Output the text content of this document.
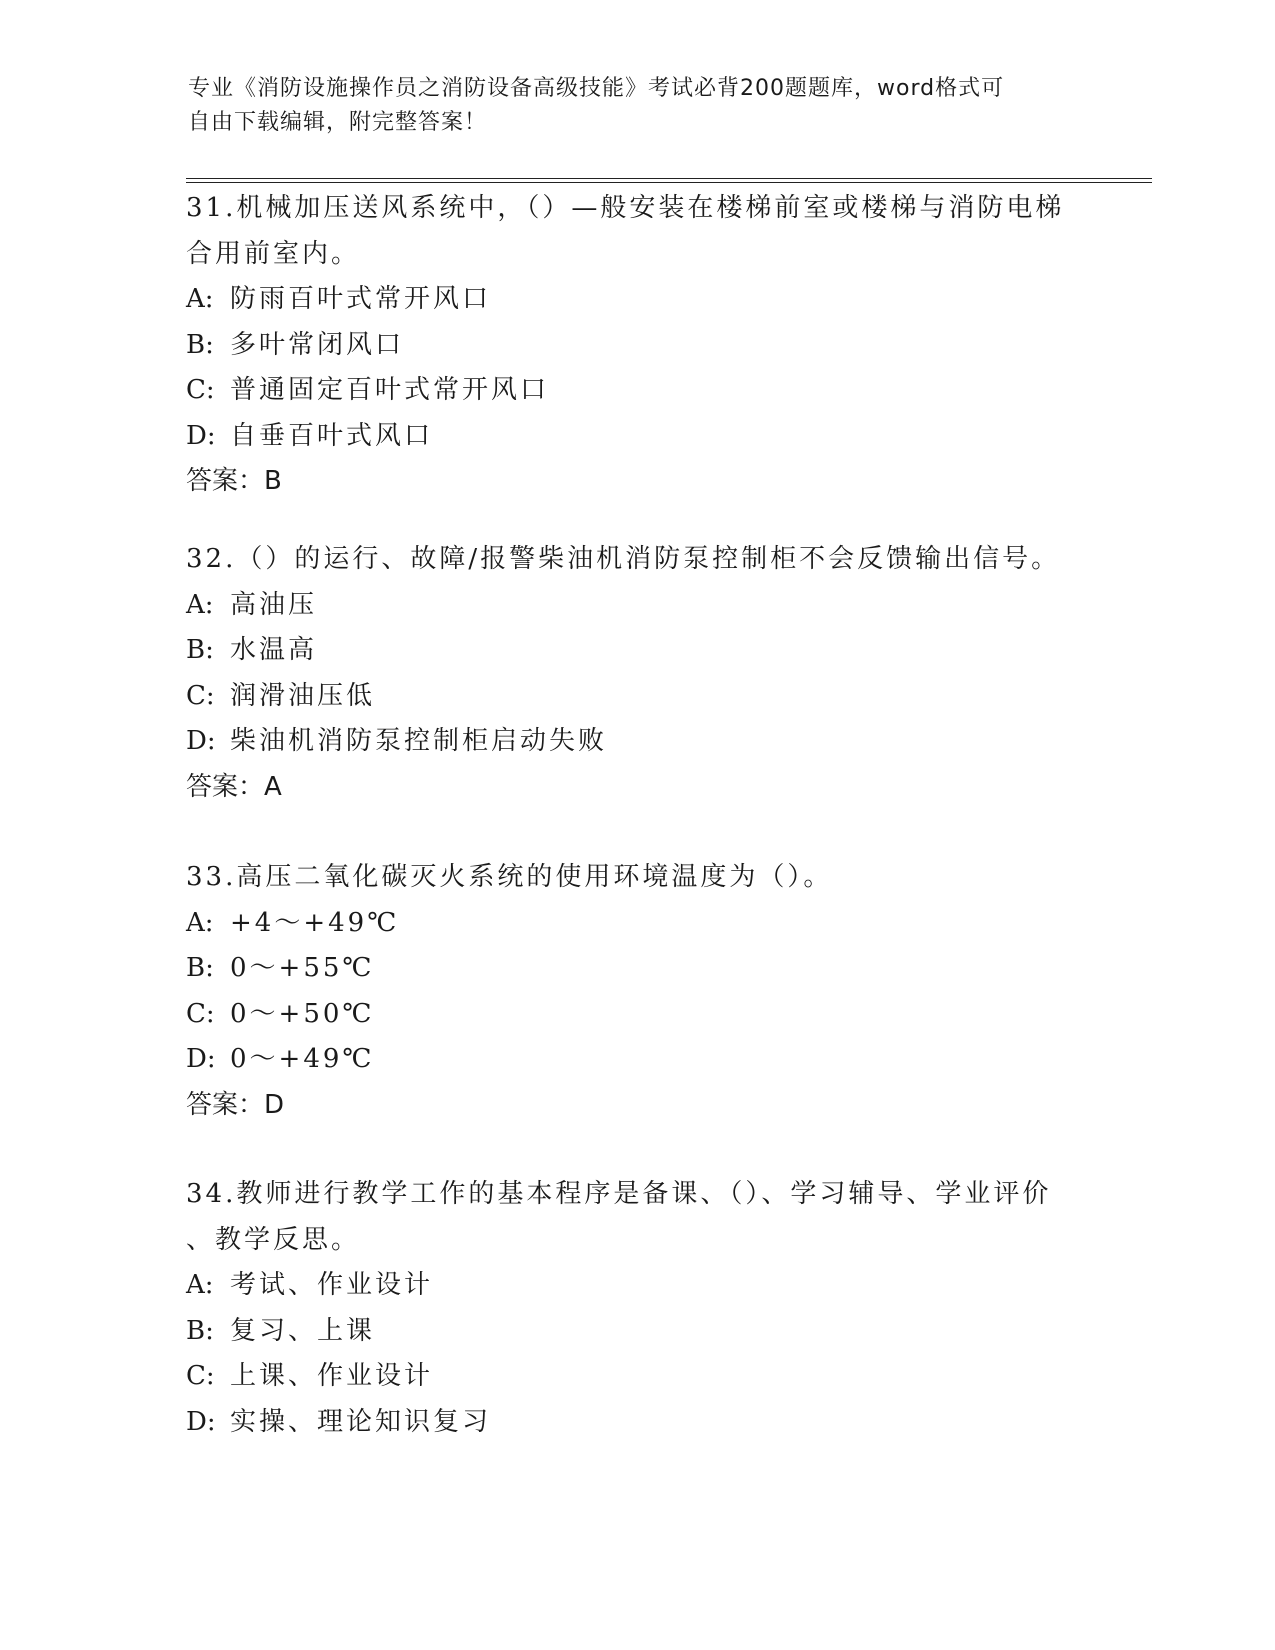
专业《消防设施操作员之消防设备高级技能》考试必背200题题库，word格式可
自由下载编辑，附完整答案！
31.机械加压送风系统中，（）—般安装在楼梯前室或楼梯与消防电梯
合用前室内。
A: 防雨百叶式常开风口
B: 多叶常闭风口
C: 普通固定百叶式常开风口
D: 自垂百叶式风口
答案：B
32.（）的运行、故障/报警柴油机消防泵控制柜不会反馈输出信号。
A: 高油压
B: 水温高
C: 润滑油压低
D: 柴油机消防泵控制柜启动失败
答案：A
33.高压二氧化碳灭火系统的使用环境温度为（）。
A: +4～+49℃
B: 0～+55℃
C: 0～+50℃
D: 0～+49℃
答案：D
34.教师进行教学工作的基本程序是备课、（）、学习辅导、学业评价
、教学反思。
A: 考试、作业设计
B: 复习、上课
C: 上课、作业设计
D: 实操、理论知识复习
